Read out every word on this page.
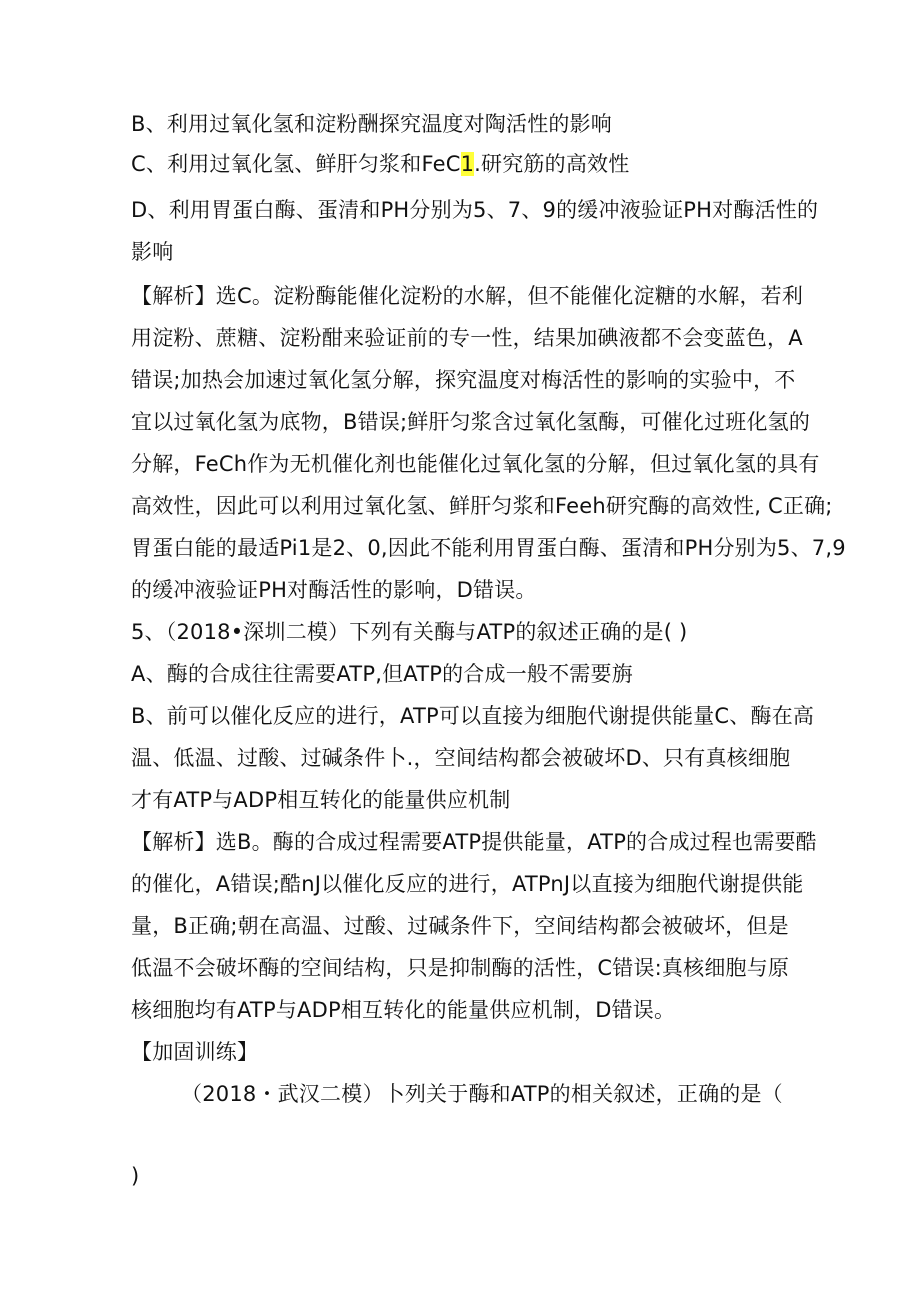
B、利用过氧化氢和淀粉酬探究温度对陶活性的影响
C、利用过氧化氢、鲜肝匀浆和FeC1.研究筋的高效性
D、利用胃蛋白酶、蛋清和PH分别为5、7、9的缓冲液验证PH对酶活性的
影响
【解析】选C。淀粉酶能催化淀粉的水解，但不能催化淀糖的水解，若利
用淀粉、蔗糖、淀粉酣来验证前的专一性，结果加碘液都不会变蓝色，A
错误;加热会加速过氧化氢分解，探究温度对梅活性的影响的实验中，不
宜以过氧化氢为底物，B错误;鲜肝匀浆含过氧化氢酶，可催化过班化氢的
分解，FeCh作为无机催化剂也能催化过氧化氢的分解，但过氧化氢的具有
高效性，因此可以利用过氧化氢、鲜肝匀浆和Feeh研究酶的高效性, C正确;
胃蛋白能的最适Pi1是2、0,因此不能利用胃蛋白酶、蛋清和PH分别为5、7,9
的缓冲液验证PH对酶活性的影响，D错误。
5、（2018•深圳二模）下列有关酶与ATP的叙述正确的是( )
A、酶的合成往往需要ATP,但ATP的合成一般不需要旃
B、前可以催化反应的进行，ATP可以直接为细胞代谢提供能量C、酶在高
温、低温、过酸、过碱条件卜.，空间结构都会被破坏D、只有真核细胞
才有ATP与ADP相互转化的能量供应机制
【解析】选B。酶的合成过程需要ATP提供能量，ATP的合成过程也需要酷
的催化，A错误;酷nJ以催化反应的进行，ATPnJ以直接为细胞代谢提供能
量，B正确;朝在高温、过酸、过碱条件下，空间结构都会被破坏，但是
低温不会破坏酶的空间结构，只是抑制酶的活性，C错误:真核细胞与原
核细胞均有ATP与ADP相互转化的能量供应机制，D错误。
【加固训练】
（2018・武汉二模）卜列关于酶和ATP的相关叙述，正确的是（
)
